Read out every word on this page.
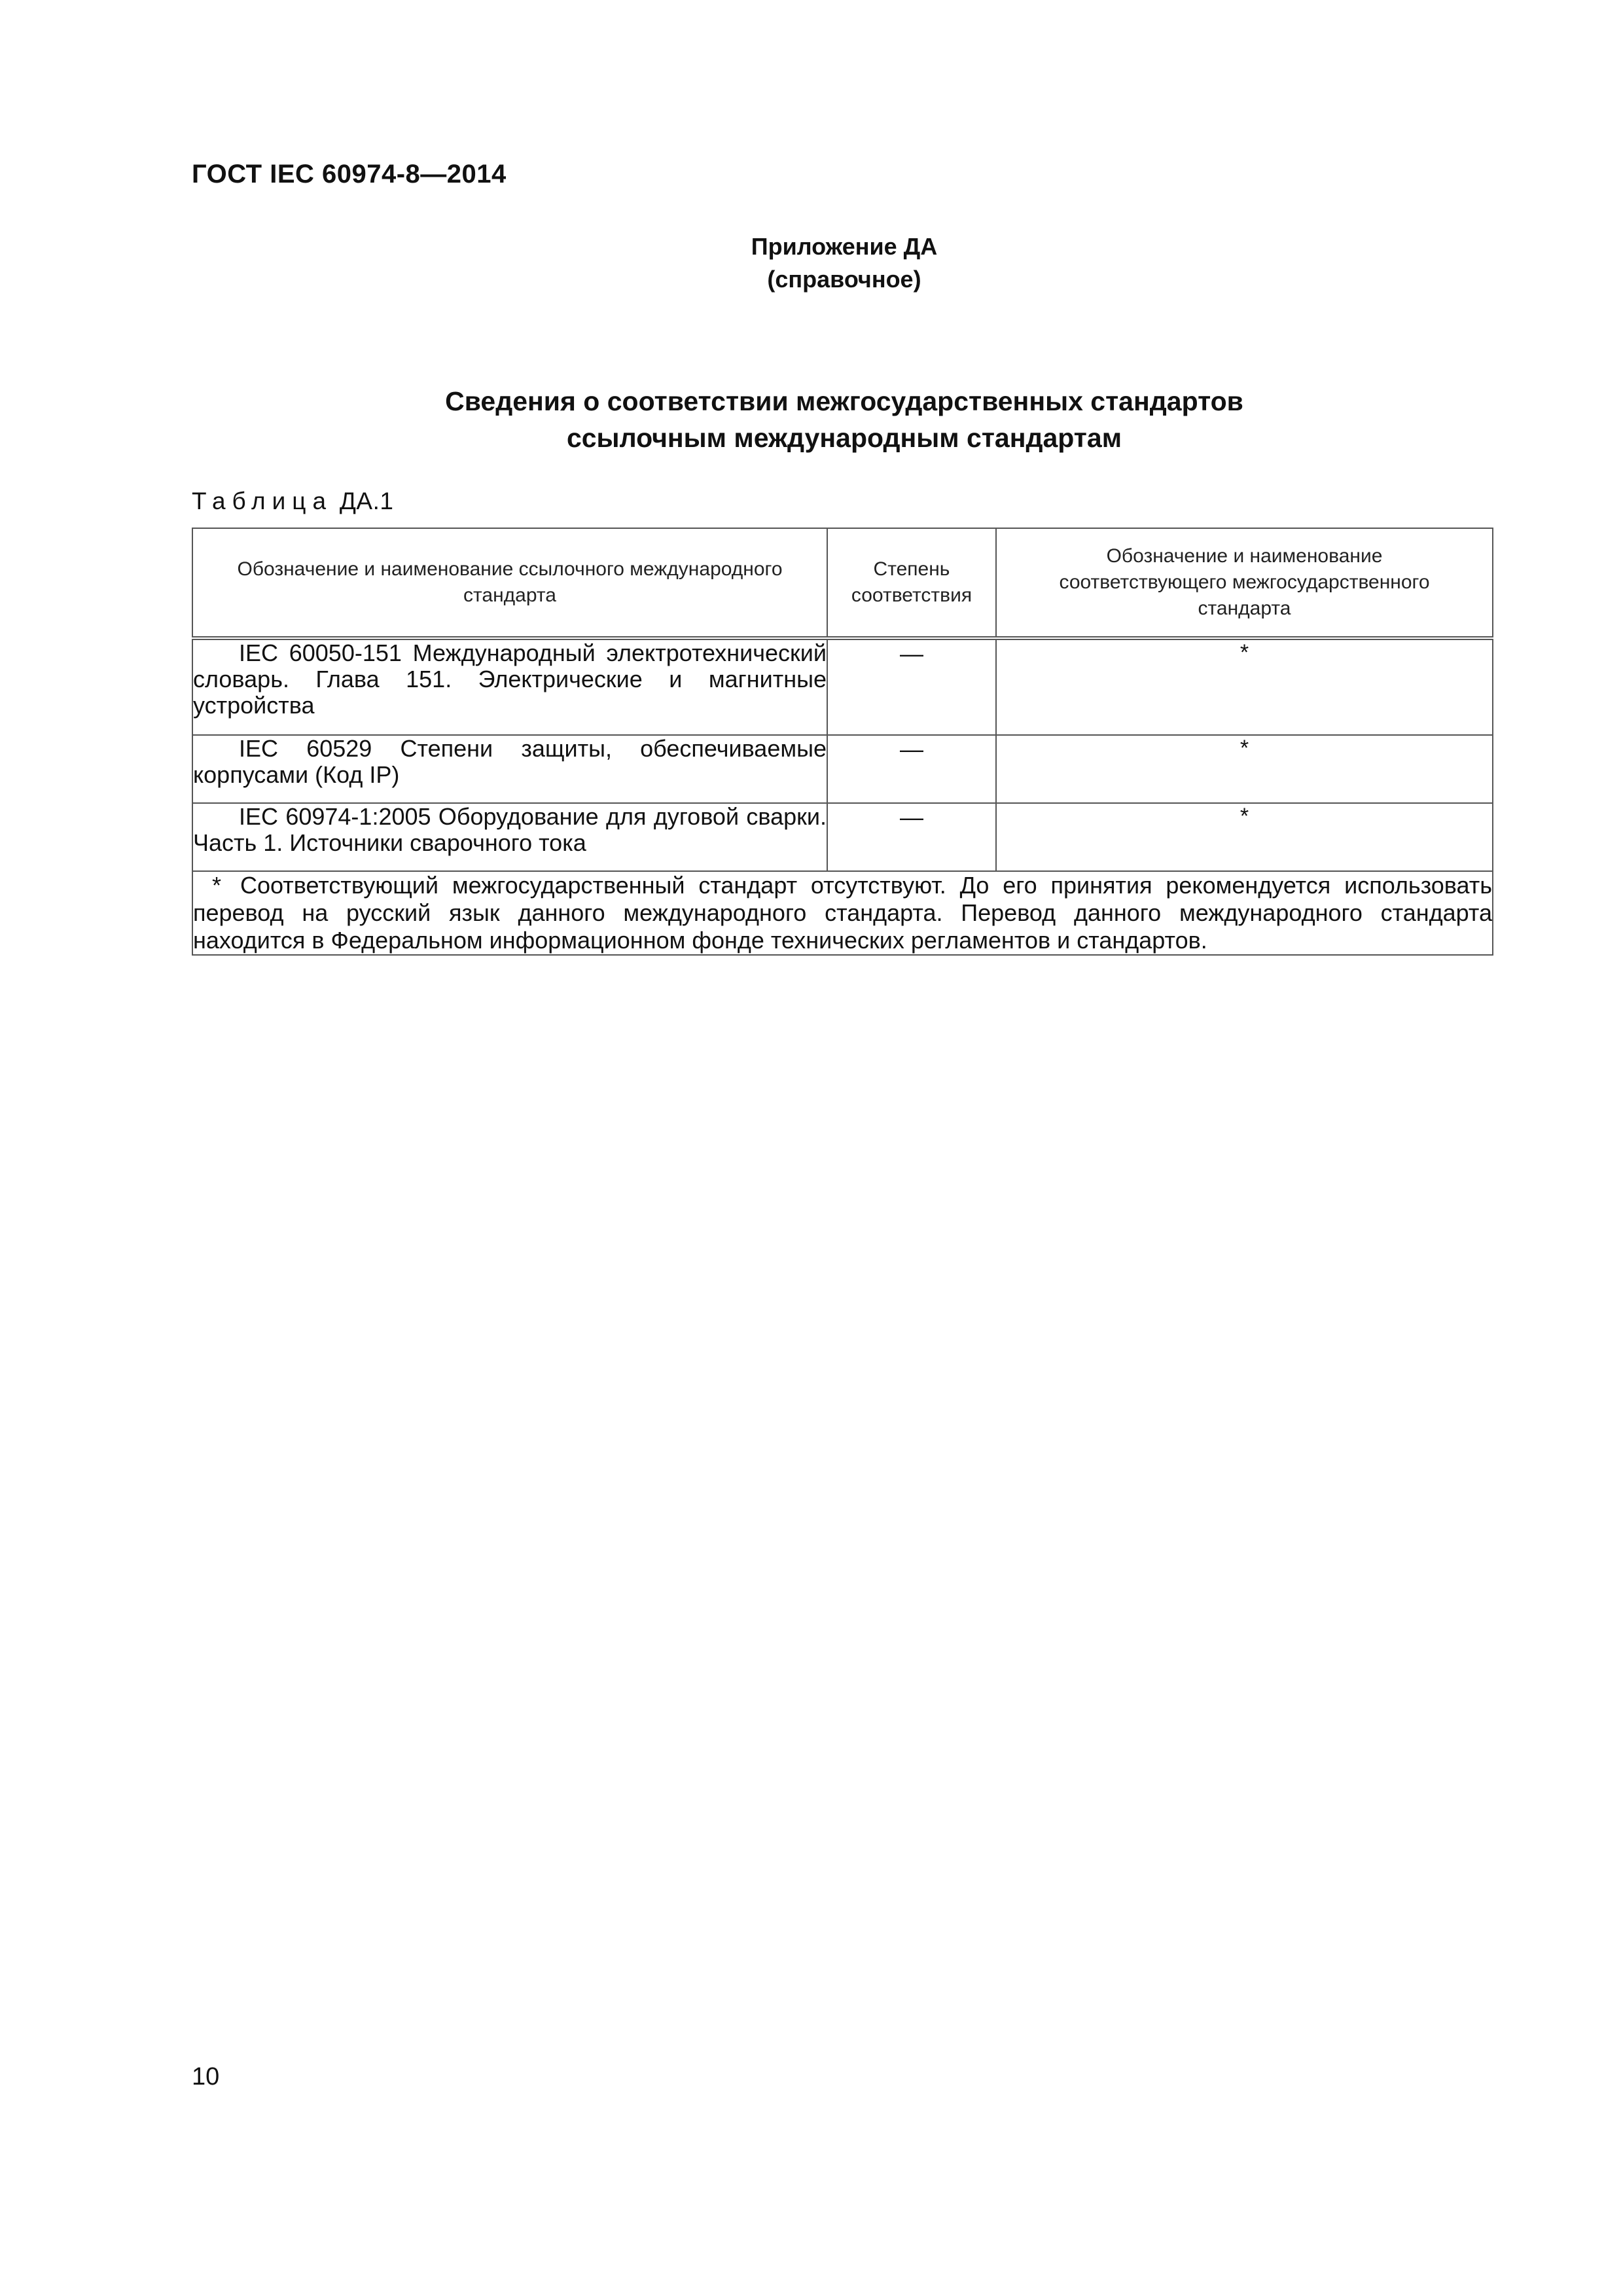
ГОСТ IEC 60974-8—2014
Приложение ДА
(справочное)
Сведения о соответствии межгосударственных стандартов
ссылочным международным стандартам
Таблица ДА.1
Обозначение и наименование ссылочного международного стандарта	Степень соответствия	Обозначение и наименование соответствующего межгосударственного стандарта
IEC 60050-151 Международный электротехнический словарь. Глава 151. Электрические и магнитные устройства	—	*
IEC 60529 Степени защиты, обеспечиваемые корпусами (Код IP)	—	*
IEC 60974-1:2005 Оборудование для дуговой сварки. Часть 1. Источники сварочного тока	—	*
* Соответствующий межгосударственный стандарт отсутствуют. До его принятия рекомендуется использовать перевод на русский язык данного международного стандарта. Перевод данного международного стандарта находится в Федеральном информационном фонде технических регламентов и стандартов.		
10
